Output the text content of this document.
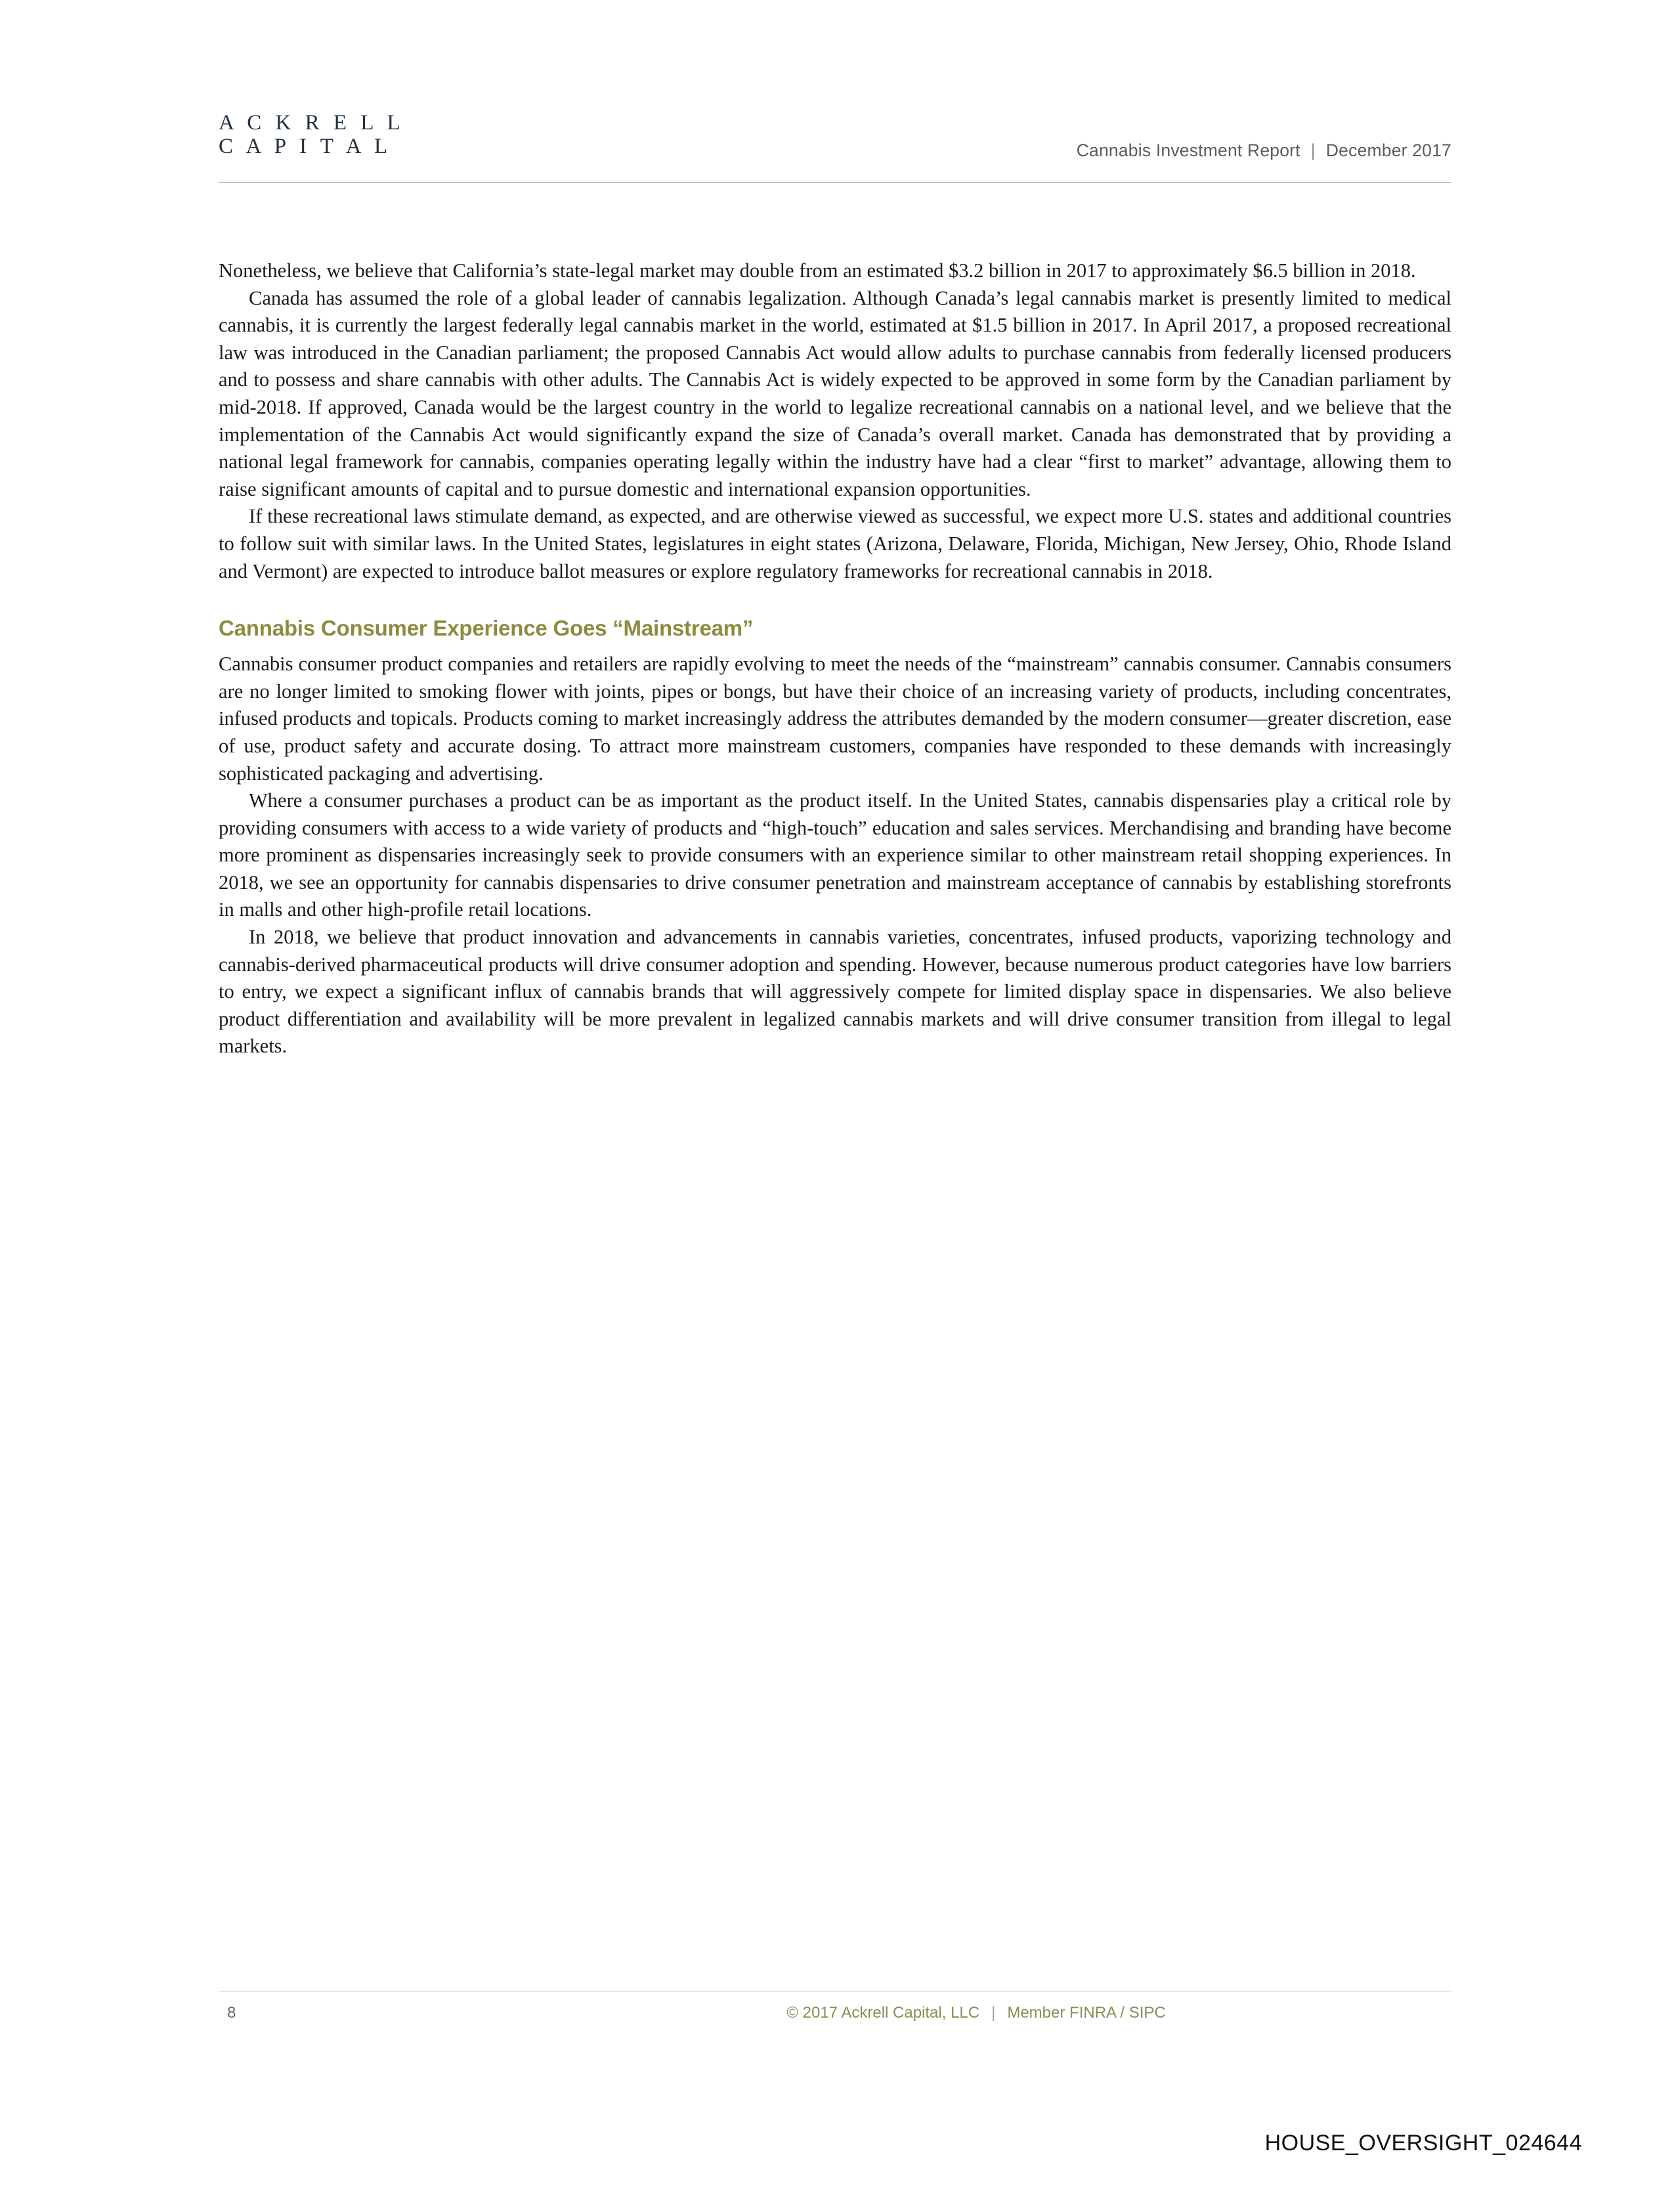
A C K R E L L
C A P I T A L	Cannabis Investment Report | December 2017

Nonetheless, we believe that California’s state-legal market may double from an estimated $3.2 billion in 2017 to approximately $6.5 billion in 2018.

Canada has assumed the role of a global leader of cannabis legalization. Although Canada’s legal cannabis market is presently limited to medical cannabis, it is currently the largest federally legal cannabis market in the world, estimated at $1.5 billion in 2017. In April 2017, a proposed recreational law was introduced in the Canadian parliament; the proposed Cannabis Act would allow adults to purchase cannabis from federally licensed producers and to possess and share cannabis with other adults. The Cannabis Act is widely expected to be approved in some form by the Canadian parliament by mid-2018. If approved, Canada would be the largest country in the world to legalize recreational cannabis on a national level, and we believe that the implementation of the Cannabis Act would significantly expand the size of Canada’s overall market. Canada has demonstrated that by providing a national legal framework for cannabis, companies operating legally within the industry have had a clear “first to market” advantage, allowing them to raise significant amounts of capital and to pursue domestic and international expansion opportunities.

If these recreational laws stimulate demand, as expected, and are otherwise viewed as successful, we expect more U.S. states and additional countries to follow suit with similar laws. In the United States, legislatures in eight states (Arizona, Delaware, Florida, Michigan, New Jersey, Ohio, Rhode Island and Vermont) are expected to introduce ballot measures or explore regulatory frameworks for recreational cannabis in 2018.

Cannabis Consumer Experience Goes “Mainstream”

Cannabis consumer product companies and retailers are rapidly evolving to meet the needs of the “mainstream” cannabis consumer. Cannabis consumers are no longer limited to smoking flower with joints, pipes or bongs, but have their choice of an increasing variety of products, including concentrates, infused products and topicals. Products coming to market increasingly address the attributes demanded by the modern consumer—greater discretion, ease of use, product safety and accurate dosing. To attract more mainstream customers, companies have responded to these demands with increasingly sophisticated packaging and advertising.

Where a consumer purchases a product can be as important as the product itself. In the United States, cannabis dispensaries play a critical role by providing consumers with access to a wide variety of products and “high-touch” education and sales services. Merchandising and branding have become more prominent as dispensaries increasingly seek to provide consumers with an experience similar to other mainstream retail shopping experiences. In 2018, we see an opportunity for cannabis dispensaries to drive consumer penetration and mainstream acceptance of cannabis by establishing storefronts in malls and other high-profile retail locations.

In 2018, we believe that product innovation and advancements in cannabis varieties, concentrates, infused products, vaporizing technology and cannabis-derived pharmaceutical products will drive consumer adoption and spending. However, because numerous product categories have low barriers to entry, we expect a significant influx of cannabis brands that will aggressively compete for limited display space in dispensaries. We also believe product differentiation and availability will be more prevalent in legalized cannabis markets and will drive consumer transition from illegal to legal markets.

8	© 2017 Ackrell Capital, LLC | Member FINRA / SIPC
HOUSE_OVERSIGHT_024644
